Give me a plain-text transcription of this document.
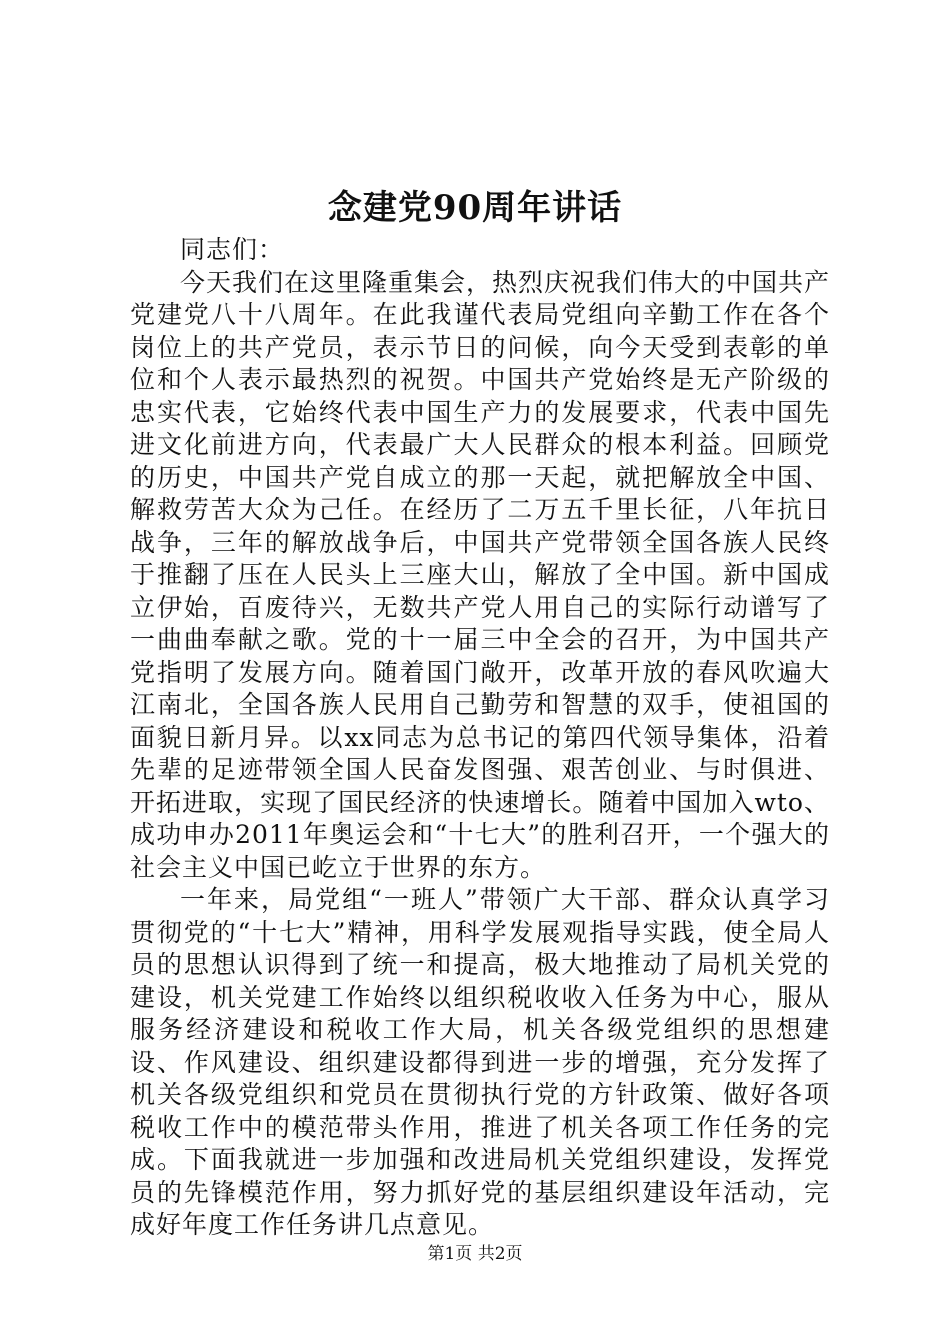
念建党90周年讲话

同志们：

今天我们在这里隆重集会，热烈庆祝我们伟大的中国共产党建党八十八周年。在此我谨代表局党组向辛勤工作在各个岗位上的共产党员，表示节日的问候，向今天受到表彰的单位和个人表示最热烈的祝贺。中国共产党始终是无产阶级的忠实代表，它始终代表中国生产力的发展要求，代表中国先进文化前进方向，代表最广大人民群众的根本利益。回顾党的历史，中国共产党自成立的那一天起，就把解放全中国、解救劳苦大众为己任。在经历了二万五千里长征，八年抗日战争，三年的解放战争后，中国共产党带领全国各族人民终于推翻了压在人民头上三座大山，解放了全中国。新中国成立伊始，百废待兴，无数共产党人用自己的实际行动谱写了一曲曲奉献之歌。党的十一届三中全会的召开，为中国共产党指明了发展方向。随着国门敞开，改革开放的春风吹遍大江南北，全国各族人民用自己勤劳和智慧的双手，使祖国的面貌日新月异。以xx同志为总书记的第四代领导集体，沿着先辈的足迹带领全国人民奋发图强、艰苦创业、与时俱进、开拓进取，实现了国民经济的快速增长。随着中国加入wto、成功申办2011年奥运会和“十七大”的胜利召开，一个强大的社会主义中国已屹立于世界的东方。

一年来，局党组“一班人”带领广大干部、群众认真学习贯彻党的“十七大”精神，用科学发展观指导实践，使全局人员的思想认识得到了统一和提高，极大地推动了局机关党的建设，机关党建工作始终以组织税收收入任务为中心，服从服务经济建设和税收工作大局，机关各级党组织的思想建设、作风建设、组织建设都得到进一步的增强，充分发挥了机关各级党组织和党员在贯彻执行党的方针政策、做好各项税收工作中的模范带头作用，推进了机关各项工作任务的完成。下面我就进一步加强和改进局机关党组织建设，发挥党员的先锋模范作用，努力抓好党的基层组织建设年活动，完成好年度工作任务讲几点意见。

第1页 共2页
